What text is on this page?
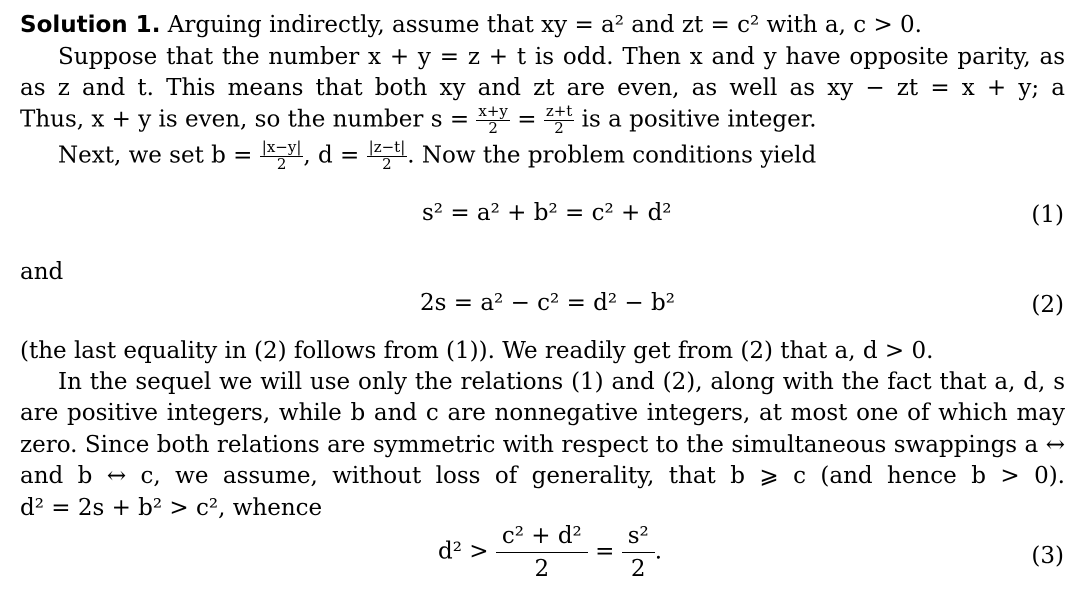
Solution 1. Arguing indirectly, assume that xy = a² and zt = c² with a, c > 0.
Suppose that the number x + y = z + t is odd. Then x and y have opposite parity, as
as z and t. This means that both xy and zt are even, as well as xy − zt = x + y; a
Thus, x + y is even, so the number $s = \frac{x+y}{2} = \frac{z+t}{2}$ is a positive integer.
Next, we set $b = \frac{|x-y|}{2}$ , $d = \frac{|z-t|}{2}$ . Now the problem conditions yield
s² = a² + b² = c² + d²	(1)
and
2s = a² − c² = d² − b²	(2)
(the last equality in (2) follows from (1)). We readily get from (2) that a, d > 0.
In the sequel we will use only the relations (1) and (2), along with the fact that a, d, s
are positive integers, while b and c are nonnegative integers, at most one of which may
zero. Since both relations are symmetric with respect to the simultaneous swappings a ↔
and b ↔ c, we assume, without loss of generality, that b ⩾ c (and hence b > 0).
d² = 2s + b² > c², whence
$d^2 > \frac{\text{c² + d²}}{2} = \frac{\text{s²}}{2}$ .	(3)
